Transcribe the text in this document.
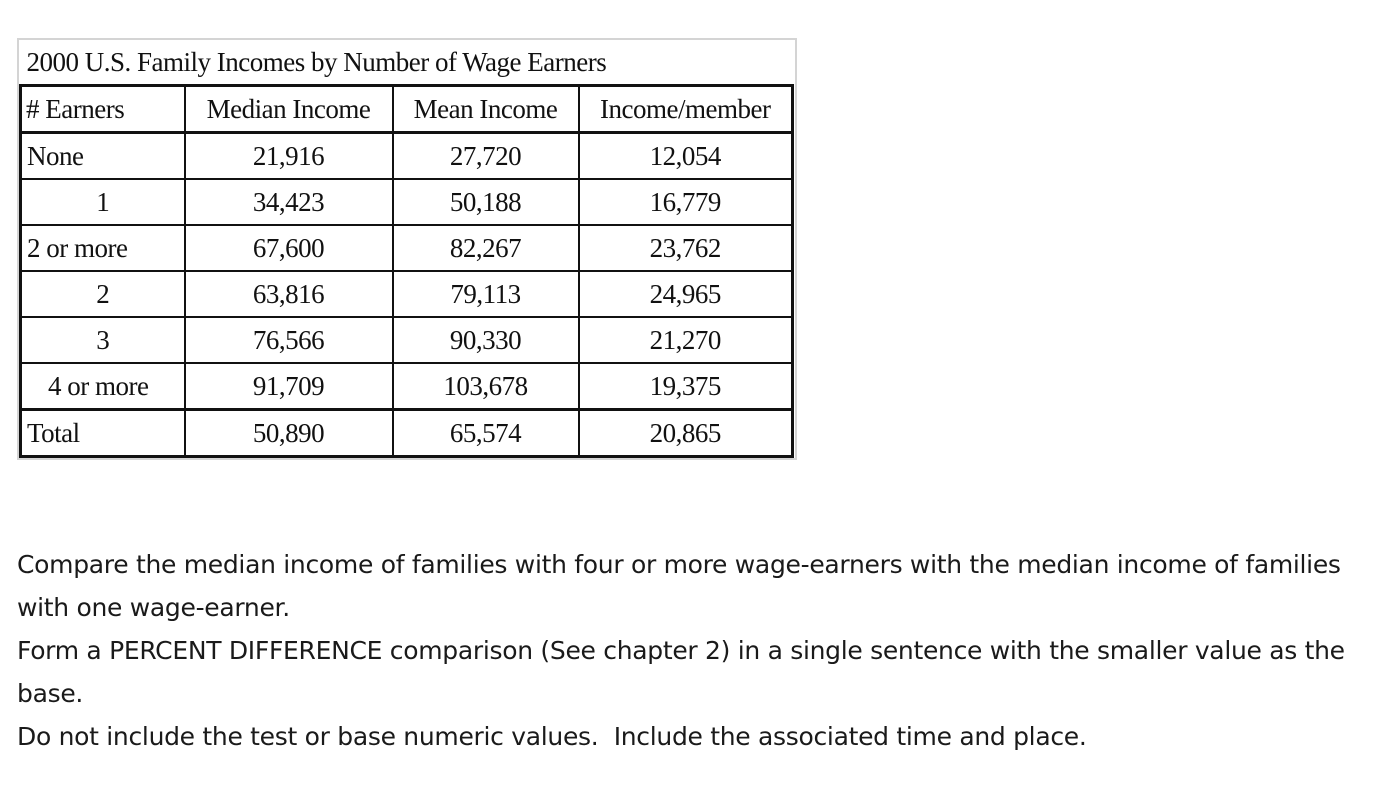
2000 U.S. Family Incomes by Number of Wage Earners			
# Earners	Median Income	Mean Income	Income/member
None	21,916	27,720	12,054
1	34,423	50,188	16,779
2 or more	67,600	82,267	23,762
2	63,816	79,113	24,965
3	76,566	90,330	21,270
4 or more	91,709	103,678	19,375
Total	50,890	65,574	20,865

Compare the median income of families with four or more wage-earners with the median income of families with one wage-earner.

Form a PERCENT DIFFERENCE comparison (See chapter 2) in a single sentence with the smaller value as the base.

Do not include the test or base numeric values.  Include the associated time and place.
